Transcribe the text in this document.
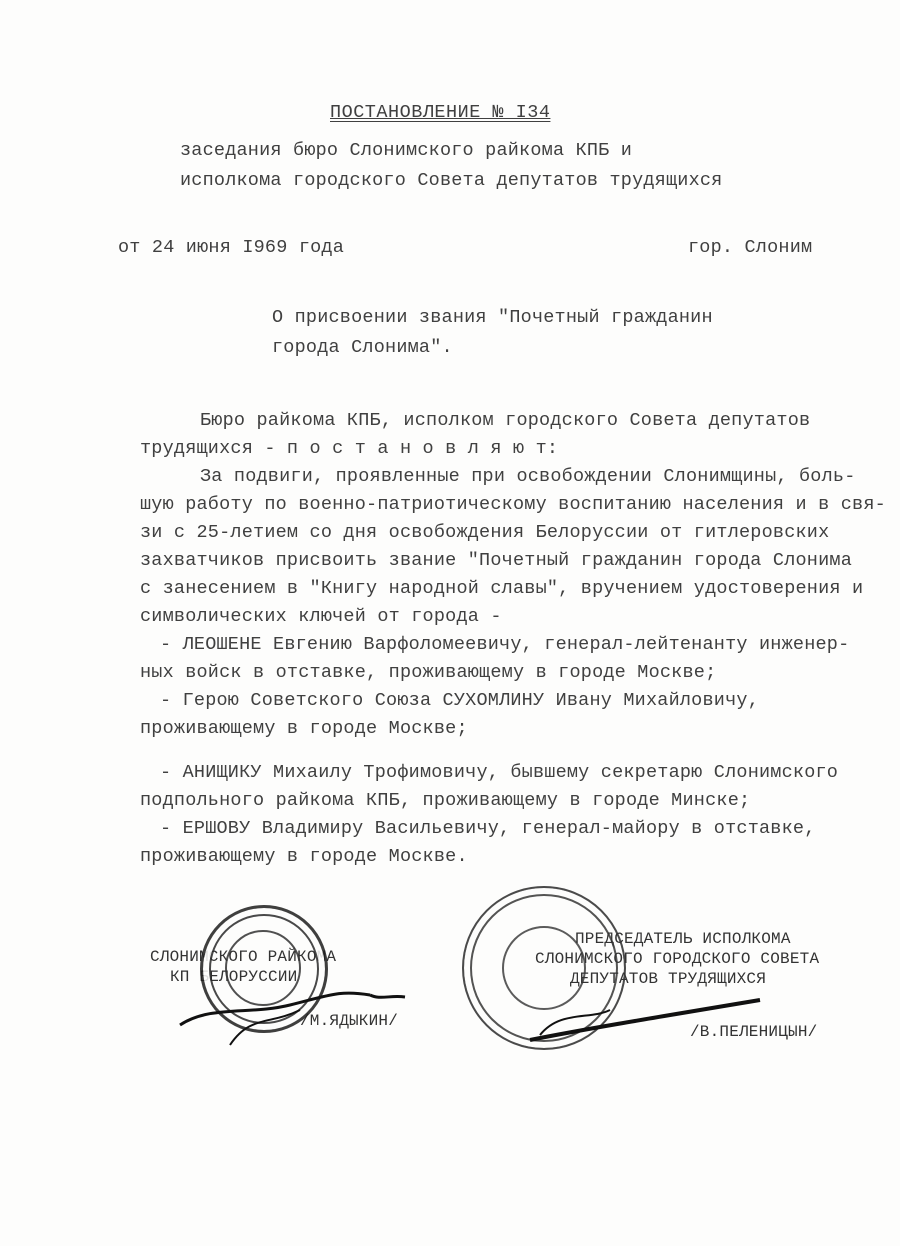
ПОСТАНОВЛЕНИЕ № I34
заседания бюро Слонимского райкома КПБ и
исполкома городского Совета депутатов трудящихся
от 24 июня I969 года	гор. Слоним
О присвоении звания "Почетный гражданин
города Слонима".
Бюро райкома КПБ, исполком городского Совета депутатов
трудящихся - п о с т а н о в л я ю т:
За подвиги, проявленные при освобождении Слонимщины, боль-
шую работу по военно-патриотическому воспитанию населения и в свя-
зи с 25-летием со дня освобождения Белоруссии от гитлеровских
захватчиков присвоить звание "Почетный гражданин города Слонима
с занесением в "Книгу народной славы", вручением удостоверения и
символических ключей от города -
- ЛЕОШЕНЕ Евгению Варфоломеевичу, генерал-лейтенанту инженер-
ных войск в отставке, проживающему в городе Москве;
- Герою Советского Союза СУХОМЛИНУ Ивану Михайловичу,
проживающему в городе Москве;
- АНИЩИКУ Михаилу Трофимовичу, бывшему секретарю Слонимского
подпольного райкома КПБ, проживающему в городе Минске;
- ЕРШОВУ Владимиру Васильевичу, генерал-майору в отставке,
проживающему в городе Москве.
СЛОНИМСКОГО РАЙКОМА
КП БЕЛОРУССИИ
/М.ЯДЫКИН/
ПРЕДСЕДАТЕЛЬ ИСПОЛКОМА
СЛОНИМСКОГО ГОРОДСКОГО СОВЕТА
ДЕПУТАТОВ ТРУДЯЩИХСЯ
/В.ПЕЛЕНИЦЫН/
